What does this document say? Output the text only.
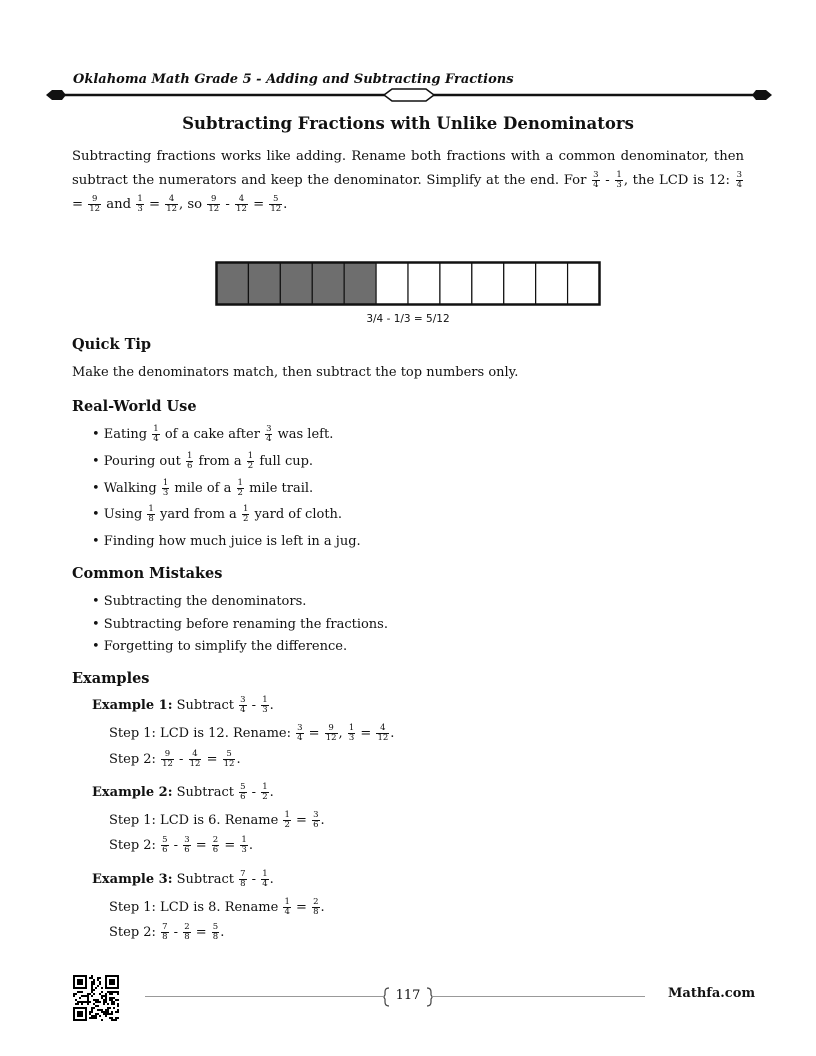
Oklahoma Math Grade 5 - Adding and Subtracting Fractions
Subtracting Fractions with Unlike Denominators
Subtracting fractions works like adding. Rename both fractions with a common denominator, then subtract the numerators and keep the denominator. Simplify at the end. For $\frac{3}{4} - \frac{1}{3}$ , the LCD is 12: $\frac{3}{4}$
= $\frac{9}{12}$ and $\frac{1}{3} = \frac{4}{12}$ , so $\frac{9}{12} - \frac{4}{12} = \frac{5}{12}$ .
3/4 - 1/3 = 5/12
Quick Tip
Make the denominators match, then subtract the top numbers only.
Real-World Use
• Eating $\frac{1}{4}$ of a cake after $\frac{3}{4}$ was left.
• Pouring out $\frac{1}{6}$ from a $\frac{1}{2}$ full cup.
• Walking $\frac{1}{3}$ mile of a $\frac{1}{2}$ mile trail.
• Using $\frac{1}{8}$ yard from a $\frac{1}{2}$ yard of cloth.
• Finding how much juice is left in a jug.
Common Mistakes
• Subtracting the denominators.
• Subtracting before renaming the fractions.
• Forgetting to simplify the difference.
Examples
Example 1: Subtract $\frac{3}{4} - \frac{1}{3}$ .
Step 1: LCD is 12. Rename: $\frac{3}{4} = \frac{9}{12}$ , $\frac{1}{3} = \frac{4}{12}$ .
Step 2: $\frac{9}{12} - \frac{4}{12} = \frac{5}{12}$ .
Example 2: Subtract $\frac{5}{6} - \frac{1}{2}$ .
Step 1: LCD is 6. Rename $\frac{1}{2} = \frac{3}{6}$ .
Step 2: $\frac{5}{6} - \frac{3}{6} = \frac{2}{6} = \frac{1}{3}$ .
Example 3: Subtract $\frac{7}{8} - \frac{1}{4}$ .
Step 1: LCD is 8. Rename $\frac{1}{4} = \frac{2}{8}$ .
Step 2: $\frac{7}{8} - \frac{2}{8} = \frac{5}{8}$ .
117	Mathfa.com
